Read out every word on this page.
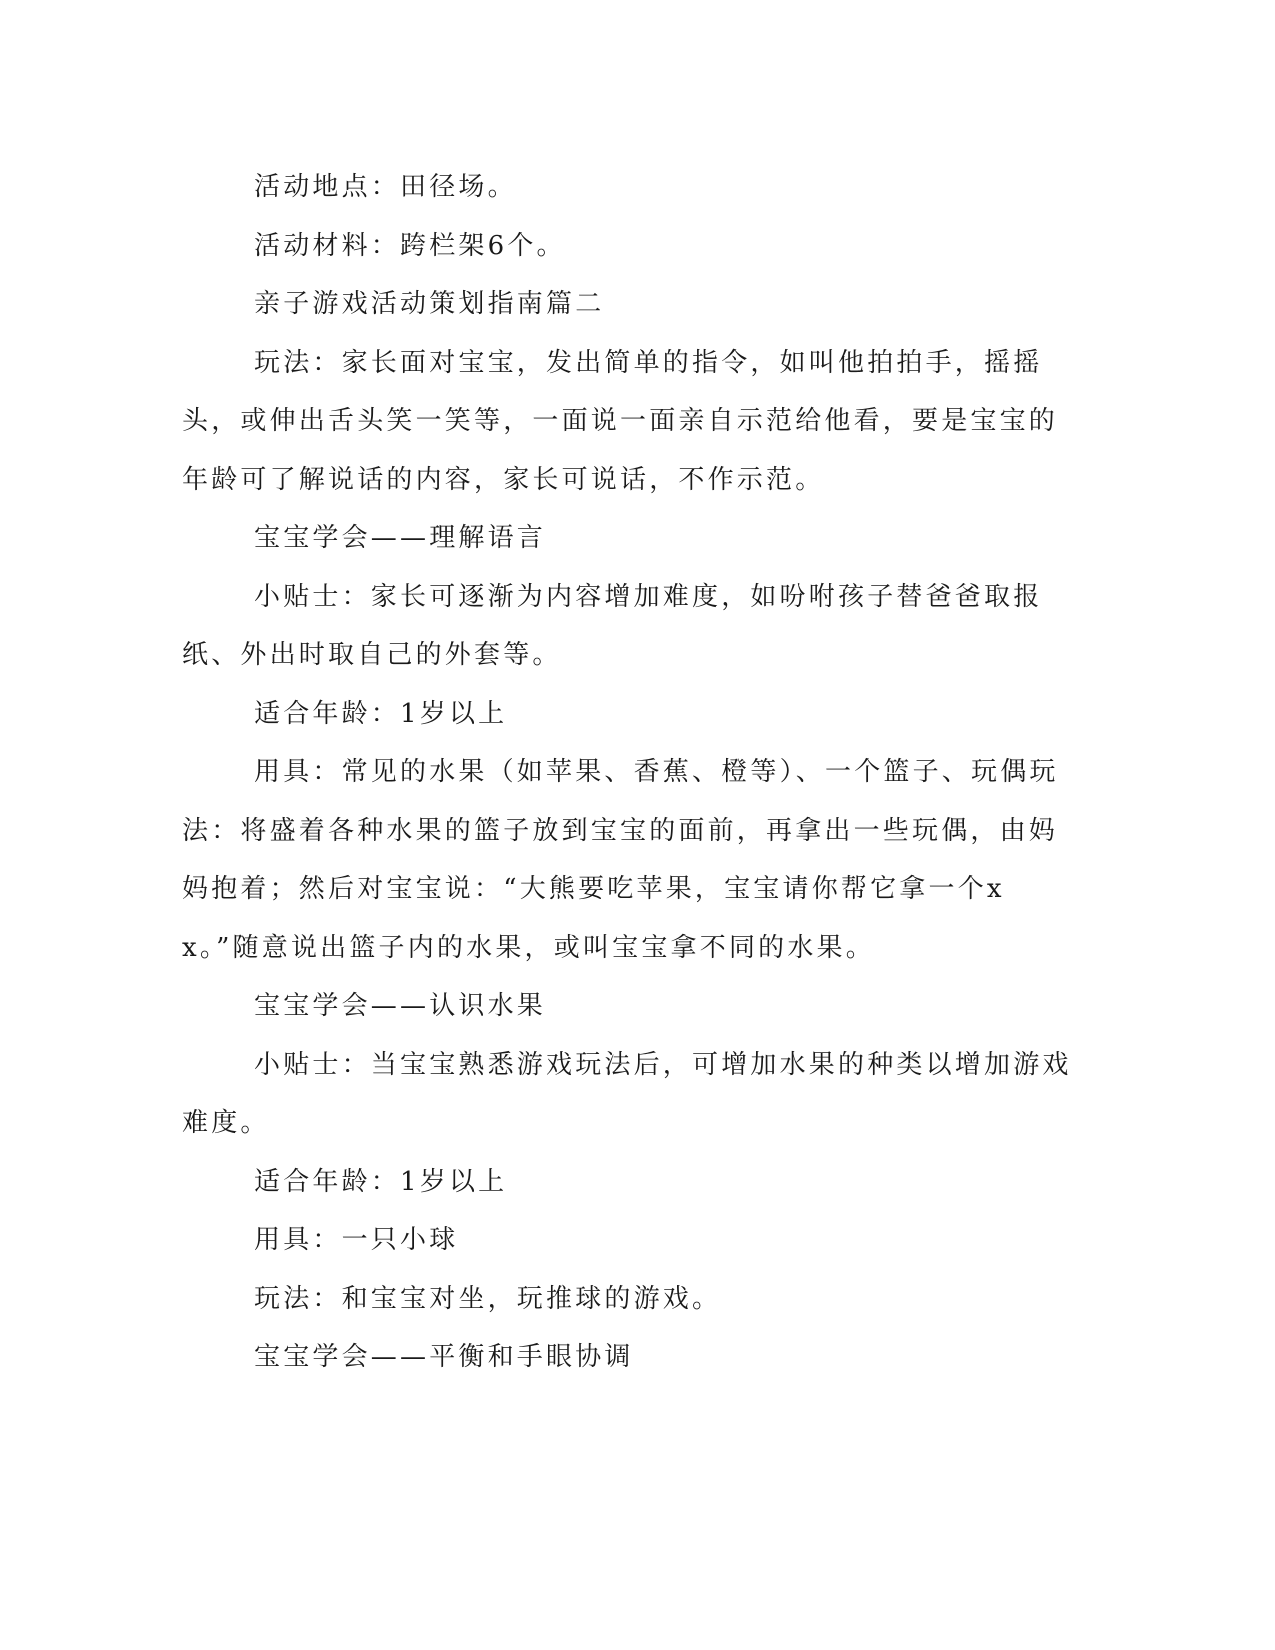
活动地点：田径场。

活动材料：跨栏架6个。

亲子游戏活动策划指南篇二

玩法：家长面对宝宝，发出简单的指令，如叫他拍拍手，摇摇头，或伸出舌头笑一笑等，一面说一面亲自示范给他看，要是宝宝的年龄可了解说话的内容，家长可说话，不作示范。

宝宝学会——理解语言

小贴士：家长可逐渐为内容增加难度，如吩咐孩子替爸爸取报纸、外出时取自己的外套等。

适合年龄：1岁以上

用具：常见的水果（如苹果、香蕉、橙等）、一个篮子、玩偶玩法：将盛着各种水果的篮子放到宝宝的面前，再拿出一些玩偶，由妈妈抱着；然后对宝宝说：“大熊要吃苹果，宝宝请你帮它拿一个xx。”随意说出篮子内的水果，或叫宝宝拿不同的水果。

宝宝学会——认识水果

小贴士：当宝宝熟悉游戏玩法后，可增加水果的种类以增加游戏难度。

适合年龄：1岁以上

用具：一只小球

玩法：和宝宝对坐，玩推球的游戏。

宝宝学会——平衡和手眼协调
